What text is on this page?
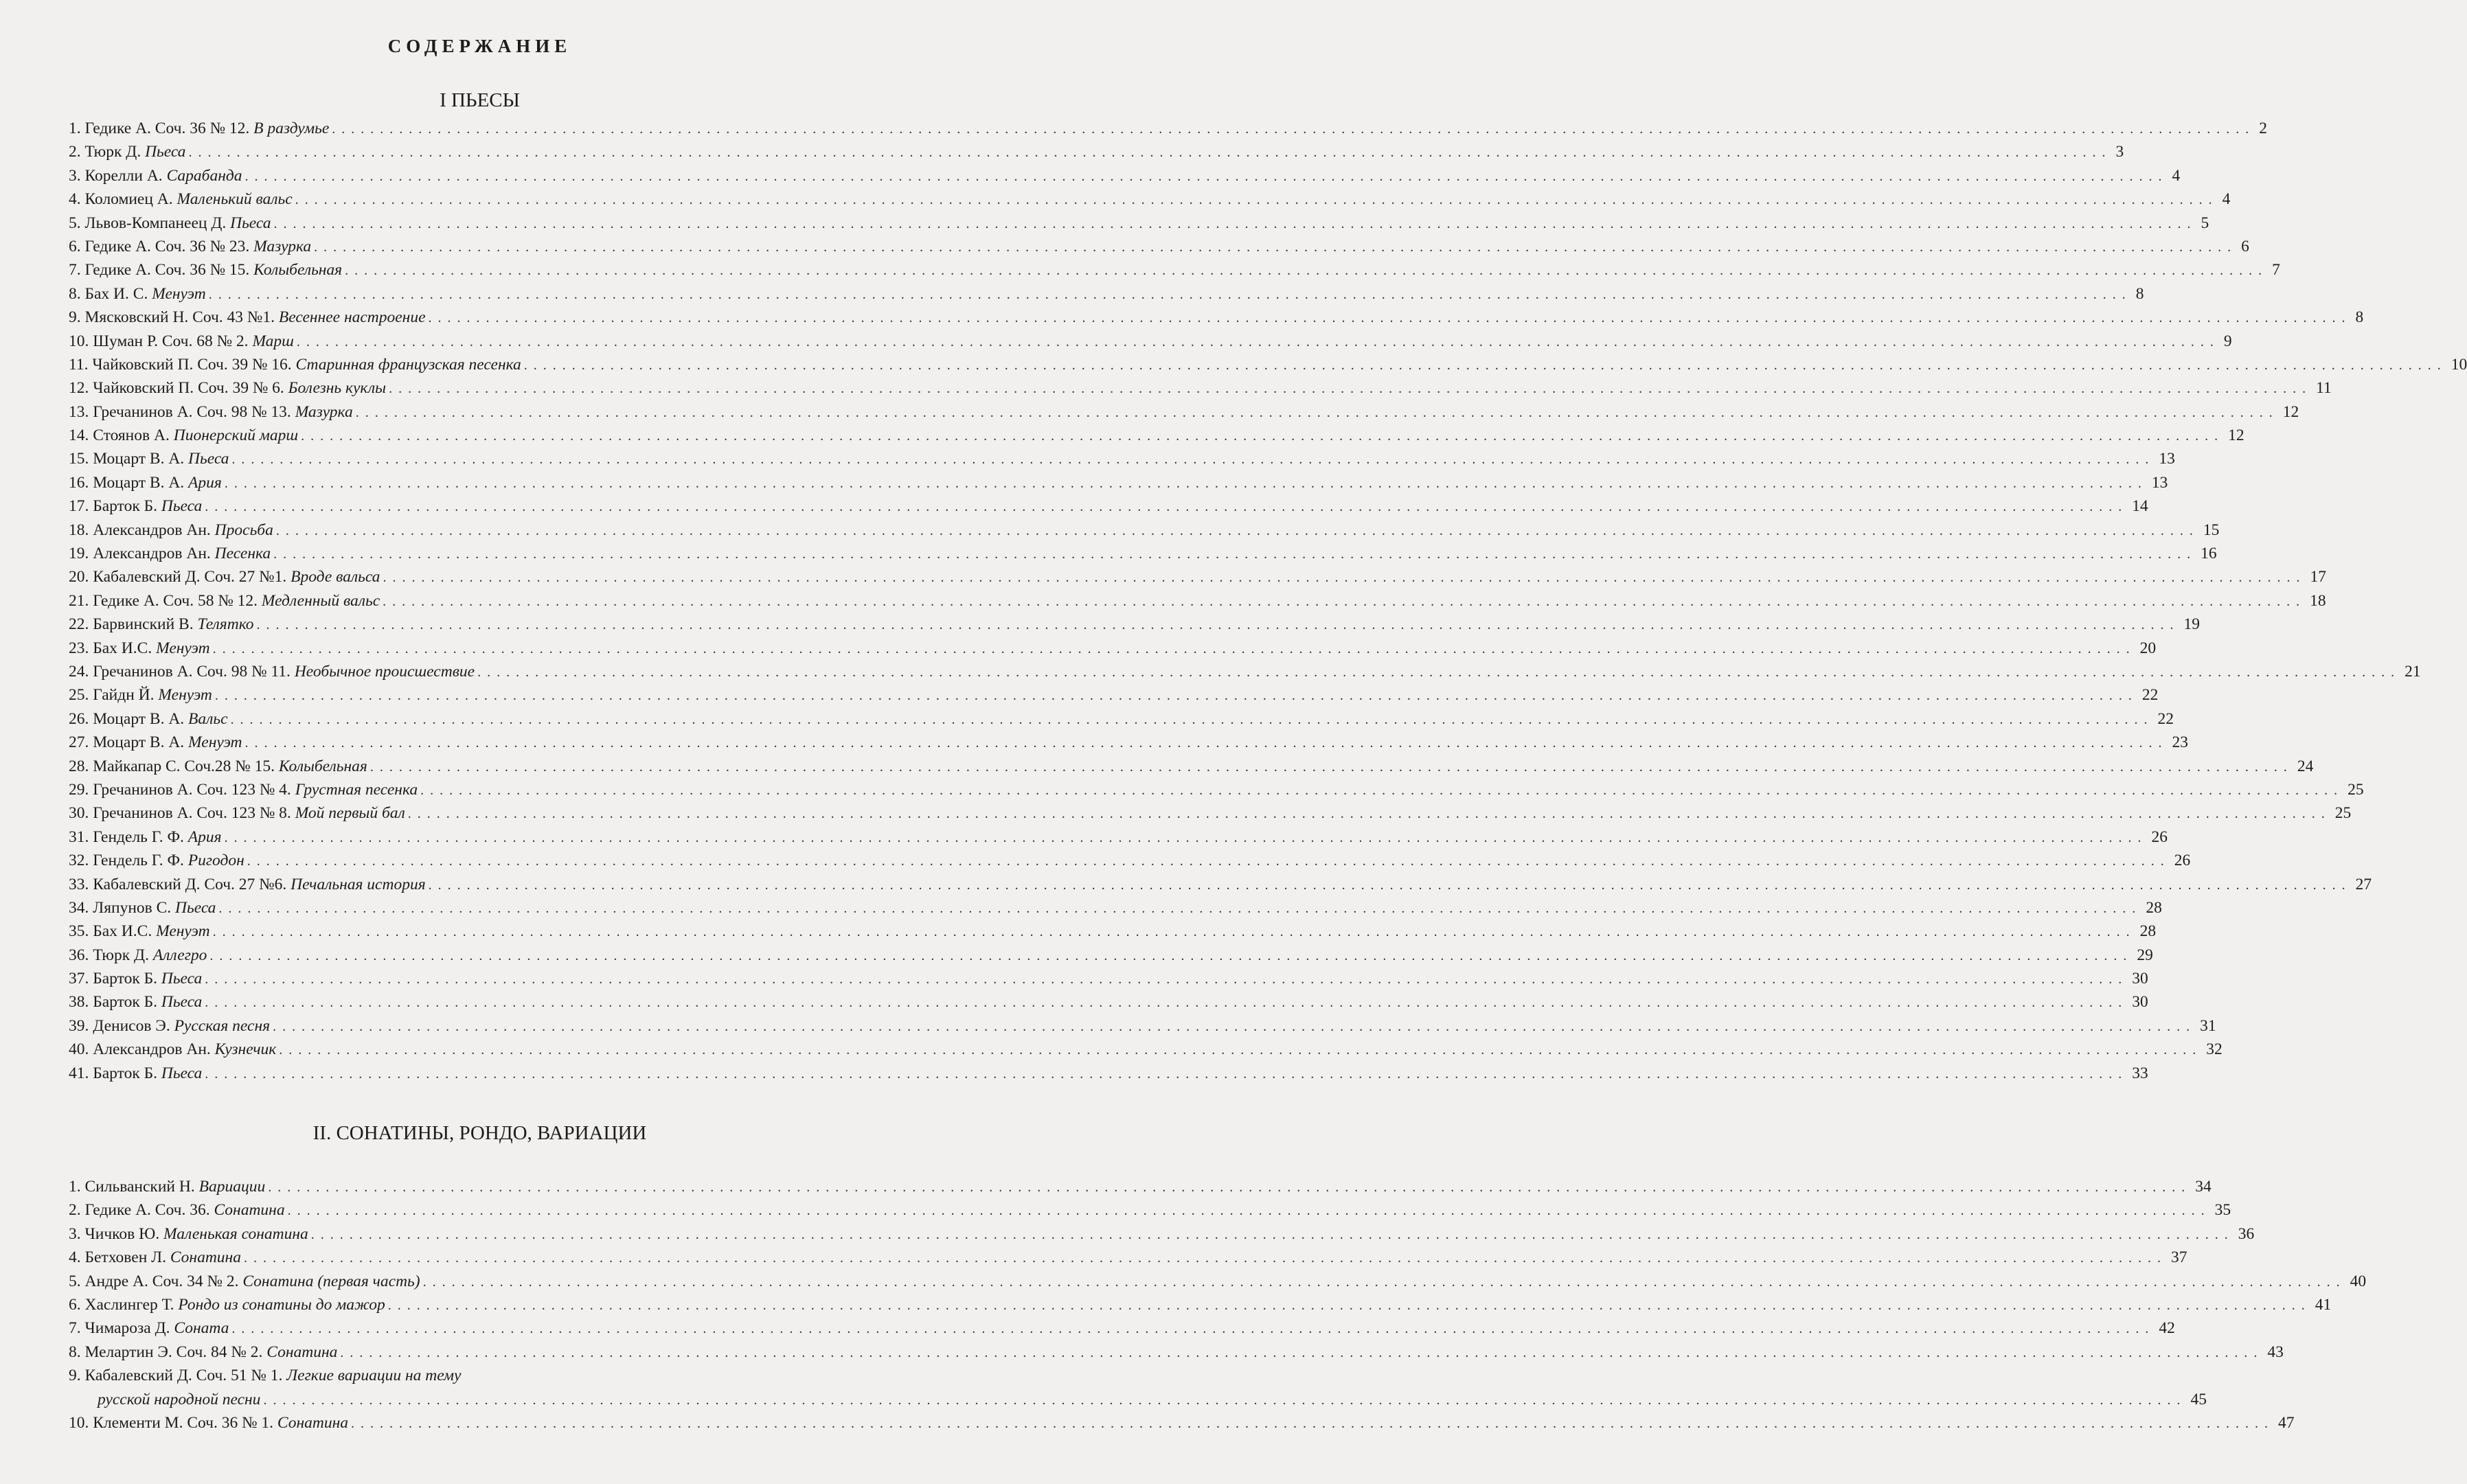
СОДЕРЖАНИЕ
I ПЬЕСЫ
1. Гедике А. Соч. 36 № 12. В раздумье ........................................................................................................................................................................................................ 2
2. Тюрк Д. Пьеса ........................................................................................................................................................................................................ 3
3. Корелли А. Сарабанда ........................................................................................................................................................................................................ 4
4. Коломиец А. Маленький вальс ........................................................................................................................................................................................................ 4
5. Львов-Компанеец Д. Пьеса ........................................................................................................................................................................................................ 5
6. Гедике А. Соч. 36 № 23. Мазурка ........................................................................................................................................................................................................ 6
7. Гедике А. Соч. 36 № 15. Колыбельная ........................................................................................................................................................................................................ 7
8. Бах И. С. Менуэт ........................................................................................................................................................................................................ 8
9. Мясковский Н. Соч. 43 №1. Весеннее настроение ........................................................................................................................................................................................................ 8
10. Шуман Р. Соч. 68 № 2. Марш ........................................................................................................................................................................................................ 9
11. Чайковский П. Соч. 39 № 16. Старинная французская песенка ........................................................................................................................................................................................................ 10
12. Чайковский П. Соч. 39 № 6. Болезнь куклы ........................................................................................................................................................................................................ 11
13. Гречанинов А. Соч. 98 № 13. Мазурка ........................................................................................................................................................................................................ 12
14. Стоянов А. Пионерский марш ........................................................................................................................................................................................................ 12
15. Моцарт В. А. Пьеса ........................................................................................................................................................................................................ 13
16. Моцарт В. А. Ария ........................................................................................................................................................................................................ 13
17. Барток Б. Пьеса ........................................................................................................................................................................................................ 14
18. Александров Ан. Просьба ........................................................................................................................................................................................................ 15
19. Александров Ан. Песенка ........................................................................................................................................................................................................ 16
20. Кабалевский Д. Соч. 27 №1. Вроде вальса ........................................................................................................................................................................................................ 17
21. Гедике А. Соч. 58 № 12. Медленный вальс ........................................................................................................................................................................................................ 18
22. Барвинский В. Телятко ........................................................................................................................................................................................................ 19
23. Бах И.С. Менуэт ........................................................................................................................................................................................................ 20
24. Гречанинов А. Соч. 98 № 11. Необычное происшествие ........................................................................................................................................................................................................ 21
25. Гайдн Й. Менуэт ........................................................................................................................................................................................................ 22
26. Моцарт В. А. Вальс ........................................................................................................................................................................................................ 22
27. Моцарт В. А. Менуэт ........................................................................................................................................................................................................ 23
28. Майкапар С. Соч.28 № 15. Колыбельная ........................................................................................................................................................................................................ 24
29. Гречанинов А. Соч. 123 № 4. Грустная песенка ........................................................................................................................................................................................................ 25
30. Гречанинов А. Соч. 123 № 8. Мой первый бал ........................................................................................................................................................................................................ 25
31. Гендель Г. Ф. Ария ........................................................................................................................................................................................................ 26
32. Гендель Г. Ф. Ригодон ........................................................................................................................................................................................................ 26
33. Кабалевский Д. Соч. 27 №6. Печальная история ........................................................................................................................................................................................................ 27
34. Ляпунов С. Пьеса ........................................................................................................................................................................................................ 28
35. Бах И.С. Менуэт ........................................................................................................................................................................................................ 28
36. Тюрк Д. Аллегро ........................................................................................................................................................................................................ 29
37. Барток Б. Пьеса ........................................................................................................................................................................................................ 30
38. Барток Б. Пьеса ........................................................................................................................................................................................................ 30
39. Денисов Э. Русская песня ........................................................................................................................................................................................................ 31
40. Александров Ан. Кузнечик ........................................................................................................................................................................................................ 32
41. Барток Б. Пьеса ........................................................................................................................................................................................................ 33
II. СОНАТИНЫ, РОНДО, ВАРИАЦИИ
1. Сильванский Н. Вариации ........................................................................................................................................................................................................ 34
2. Гедике А. Соч. 36. Сонатина ........................................................................................................................................................................................................ 35
3. Чичков Ю. Маленькая сонатина ........................................................................................................................................................................................................ 36
4. Бетховен Л. Сонатина ........................................................................................................................................................................................................ 37
5. Андре А. Соч. 34 № 2. Сонатина (первая часть) ........................................................................................................................................................................................................ 40
6. Хаслингер Т. Рондо из сонатины до мажор ........................................................................................................................................................................................................ 41
7. Чимароза Д. Соната ........................................................................................................................................................................................................ 42
8. Мелартин Э. Соч. 84 № 2. Сонатина ........................................................................................................................................................................................................ 43
9. Кабалевский Д. Соч. 51 № 1. Легкие вариации на тему
русской народной песни ........................................................................................................................................................................................................ 45
10. Клементи М. Соч. 36 № 1. Сонатина ........................................................................................................................................................................................................ 47
